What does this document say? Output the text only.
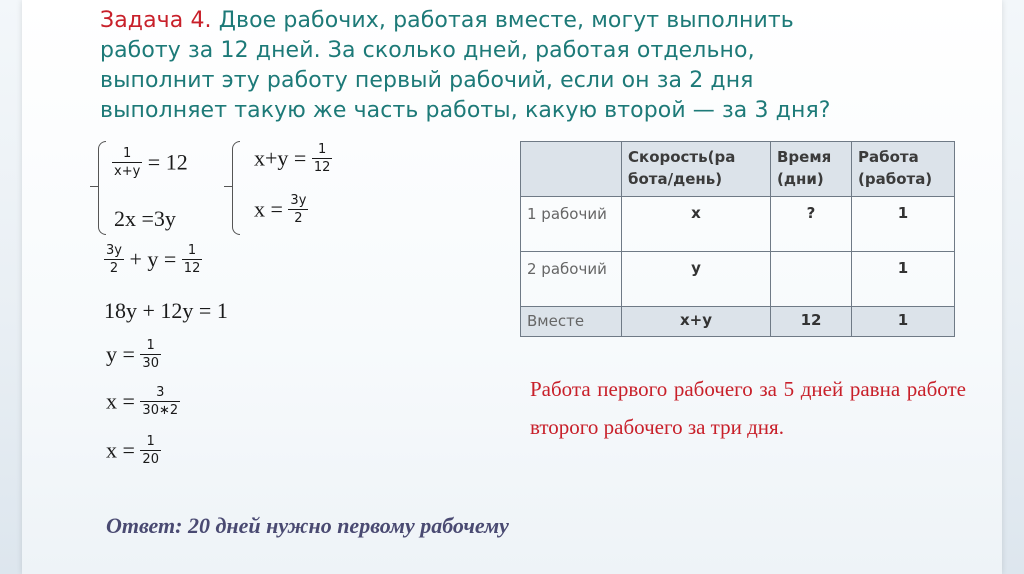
Задача 4. Двое рабочих, работая вместе, могут выполнить
работу за 12 дней. За сколько дней, работая отдельно,
выполнит эту работу первый рабочий, если он за 2 дня
выполняет такую же часть работы, какую второй — за 3 дня?
$\frac{1}{x+y} = 12$
2x =3y
$x+y = \frac{1}{12}$
$x = \frac{3y}{2}$
$\frac{3y}{2} + y = \frac{1}{12}$
18y + 12y = 1
$y = \frac{1}{30}$
$x = \frac{3}{30∗2}$
$x = \frac{1}{20}$
	Скорость(ра бота/день)	Время (дни)	Работа (работа)
1 рабочий	x	?	1
2 рабочий	y		1
Вместе	x+y	12	1
Работа первого рабочего за 5 дней равна работе второго рабочего за три дня.
Ответ: 20 дней нужно первому рабочему
